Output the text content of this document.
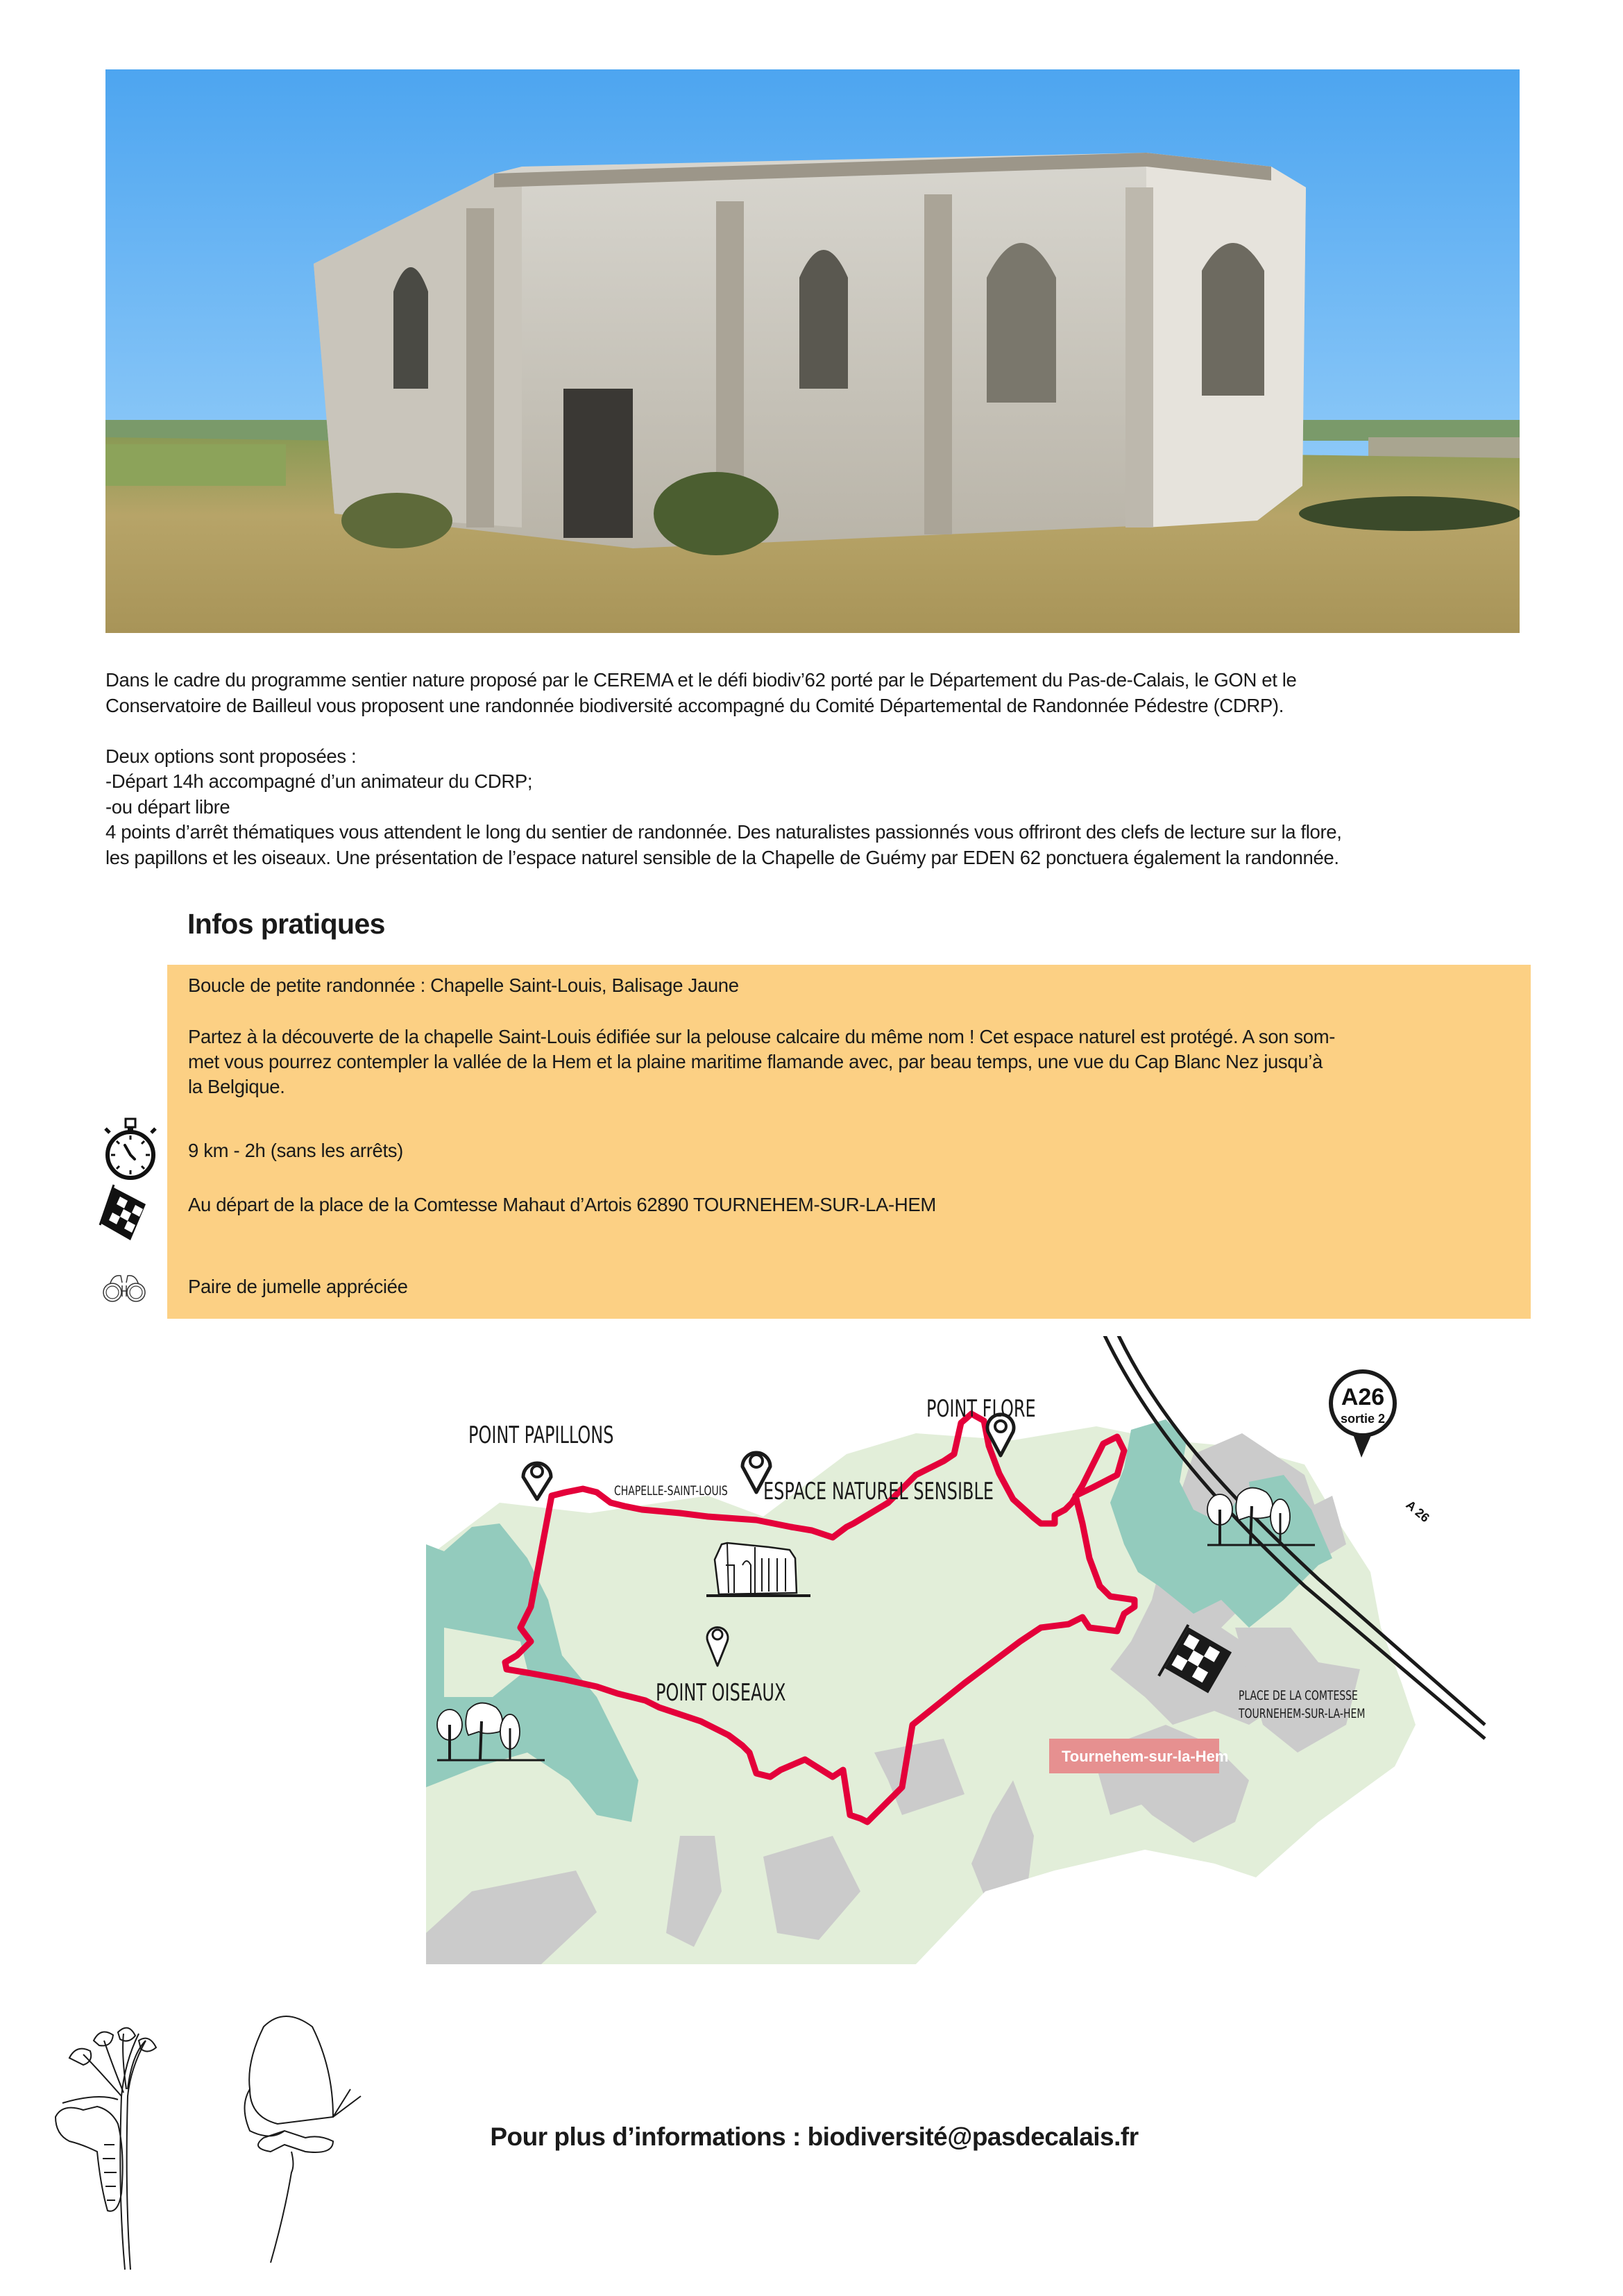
Dans le cadre du programme sentier nature proposé par le CEREMA et le défi biodiv’62 porté par le Département du Pas-de-Calais, le GON et le

Conservatoire de Bailleul vous proposent une randonnée biodiversité accompagné du Comité Départemental de Randonnée Pédestre (CDRP).

Deux options sont proposées :

-Départ 14h accompagné d’un animateur du CDRP;

-ou départ libre

4 points d’arrêt thématiques vous attendent le long du sentier de randonnée. Des naturalistes passionnés vous offriront des clefs de lecture sur la flore,

les papillons et les oiseaux. Une présentation de l’espace naturel sensible de la Chapelle de Guémy par EDEN 62 ponctuera également la randonnée.

Infos pratiques
Boucle de petite randonnée : Chapelle Saint-Louis, Balisage Jaune
Partez à la découverte de la chapelle Saint-Louis édifiée sur la pelouse calcaire du même nom ! Cet espace naturel est protégé. A son som-
met vous pourrez contempler la vallée de la Hem et la plaine maritime flamande avec, par beau temps, une vue du Cap Blanc Nez jusqu’à
la Belgique.
9 km - 2h (sans les arrêts)
Au départ de la place de la Comtesse Mahaut d’Artois 62890 TOURNEHEM-SUR-LA-HEM
Paire de jumelle appréciée
A26
sortie 2
A 26
Tournehem-sur-la-Hem
POINT PAPILLONS
CHAPELLE-SAINT-LOUIS ESPACE NATUREL SENSIBLE
POINT FLORE
POINT OISEAUX	PLACE DE LA COMTESSE
TOURNEHEM-SUR-LA-HEM
Pour plus d’informations : biodiversité@pasdecalais.fr
